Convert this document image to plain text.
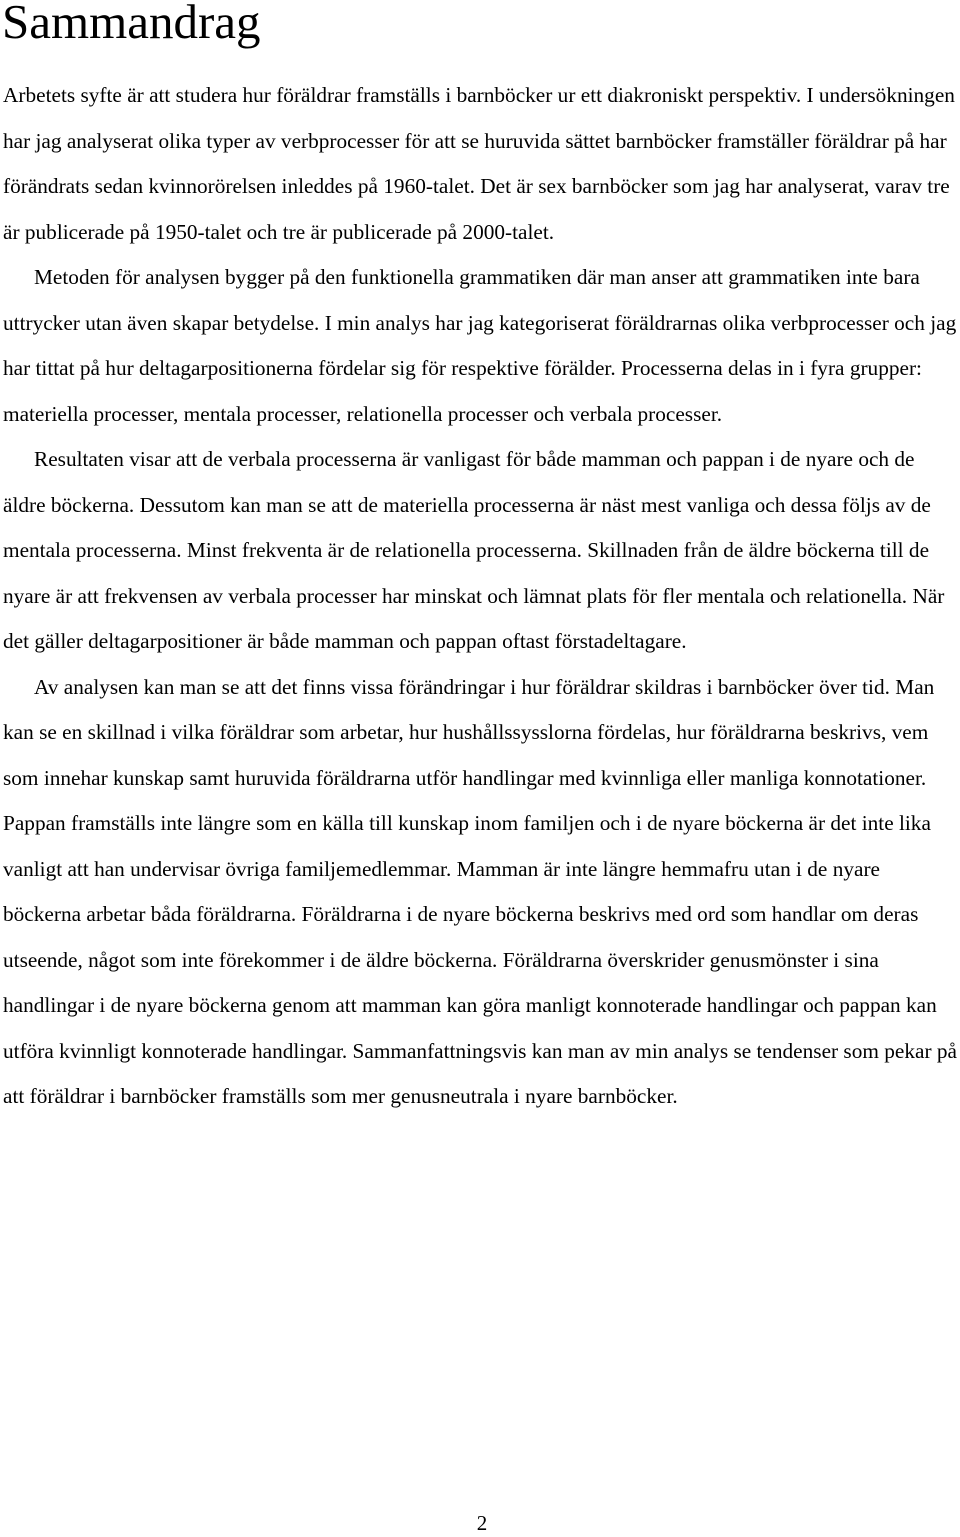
Sammandrag

Arbetets syfte är att studera hur föräldrar framställs i barnböcker ur ett diakroniskt perspektiv. I undersökningen har jag analyserat olika typer av verbprocesser för att se huruvida sättet barnböcker framställer föräldrar på har förändrats sedan kvinnorörelsen inleddes på 1960-talet. Det är sex barnböcker som jag har analyserat, varav tre är publicerade på 1950-talet och tre är publicerade på 2000-talet.

Metoden för analysen bygger på den funktionella grammatiken där man anser att grammatiken inte bara uttrycker utan även skapar betydelse. I min analys har jag kategoriserat föräldrarnas olika verbprocesser och jag har tittat på hur deltagarpositionerna fördelar sig för respektive förälder. Processerna delas in i fyra grupper: materiella processer, mentala processer, relationella processer och verbala processer.

Resultaten visar att de verbala processerna är vanligast för både mamman och pappan i de nyare och de äldre böckerna. Dessutom kan man se att de materiella processerna är näst mest vanliga och dessa följs av de mentala processerna. Minst frekventa är de relationella processerna. Skillnaden från de äldre böckerna till de nyare är att frekvensen av verbala processer har minskat och lämnat plats för fler mentala och relationella. När det gäller deltagarpositioner är både mamman och pappan oftast förstadeltagare.

Av analysen kan man se att det finns vissa förändringar i hur föräldrar skildras i barnböcker över tid. Man kan se en skillnad i vilka föräldrar som arbetar, hur hushållssysslorna fördelas, hur föräldrarna beskrivs, vem som innehar kunskap samt huruvida föräldrarna utför handlingar med kvinnliga eller manliga konnotationer. Pappan framställs inte längre som en källa till kunskap inom familjen och i de nyare böckerna är det inte lika vanligt att han undervisar övriga familjemedlemmar. Mamman är inte längre hemmafru utan i de nyare böckerna arbetar båda föräldrarna. Föräldrarna i de nyare böckerna beskrivs med ord som handlar om deras utseende, något som inte förekommer i de äldre böckerna. Föräldrarna överskrider genusmönster i sina handlingar i de nyare böckerna genom att mamman kan göra manligt konnoterade handlingar och pappan kan utföra kvinnligt konnoterade handlingar. Sammanfattningsvis kan man av min analys se tendenser som pekar på att föräldrar i barnböcker framställs som mer genusneutrala i nyare barnböcker.

2
